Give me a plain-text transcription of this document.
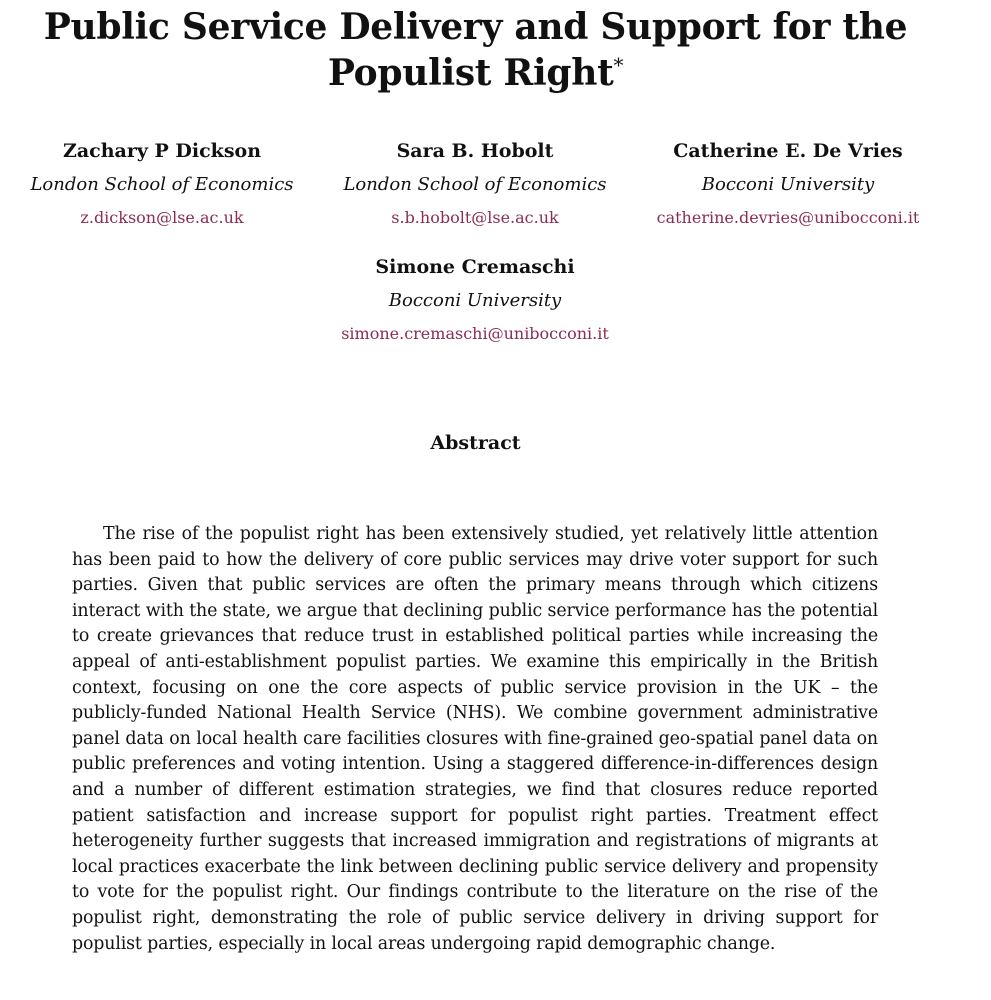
Public Service Delivery and Support for the
Populist Right*
Zachary P Dickson
London School of Economics
z.dickson@lse.ac.uk
Sara B. Hobolt
London School of Economics
s.b.hobolt@lse.ac.uk
Catherine E. De Vries
Bocconi University
catherine.devries@unibocconi.it
Simone Cremaschi
Bocconi University
simone.cremaschi@unibocconi.it
Abstract

The rise of the populist right has been extensively studied, yet relatively little attention has been paid to how the delivery of core public services may drive voter support for such parties. Given that public services are often the primary means through which citizens interact with the state, we argue that declining public service performance has the potential to create grievances that reduce trust in established political parties while increasing the appeal of anti-establishment populist parties. We examine this empirically in the British context, focusing on one the core aspects of public service provision in the UK – the publicly-funded National Health Service (NHS). We combine government administrative panel data on local health care facilities closures with fine-grained geo-spatial panel data on public preferences and voting intention. Using a staggered difference-in-differences design and a number of different estimation strategies, we find that closures reduce reported patient satisfaction and increase support for populist right parties. Treatment effect heterogeneity further suggests that increased immigration and registrations of migrants at local practices exacerbate the link between declining public service delivery and propensity to vote for the populist right. Our findings contribute to the literature on the rise of the populist right, demonstrating the role of public service delivery in driving support for populist parties, especially in local areas undergoing rapid demographic change.
